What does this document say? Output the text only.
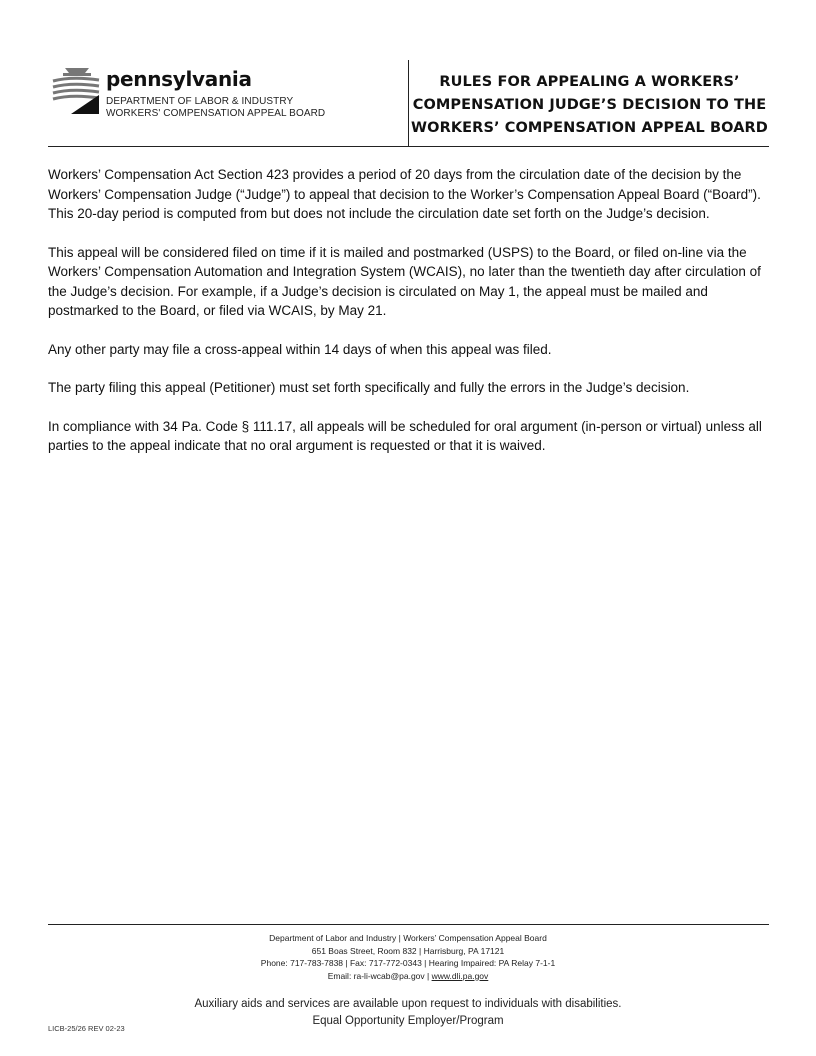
pennsylvania
DEPARTMENT OF LABOR & INDUSTRY
WORKERS' COMPENSATION APPEAL BOARD
RULES FOR APPEALING A WORKERS’
COMPENSATION JUDGE’S DECISION TO THE
WORKERS’ COMPENSATION APPEAL BOARD

Workers’ Compensation Act Section 423 provides a period of 20 days from the circulation date of the decision by the Workers’ Compensation Judge (“Judge”) to appeal that decision to the Worker’s Compensation Appeal Board (“Board”). This 20-day period is computed from but does not include the circulation date set forth on the Judge’s decision.

This appeal will be considered filed on time if it is mailed and postmarked (USPS) to the Board, or filed on-line via the Workers’ Compensation Automation and Integration System (WCAIS), no later than the twentieth day after circulation of the Judge’s decision. For example, if a Judge’s decision is circulated on May 1, the appeal must be mailed and postmarked to the Board, or filed via WCAIS, by May 21.

Any other party may file a cross-appeal within 14 days of when this appeal was filed.

The party filing this appeal (Petitioner) must set forth specifically and fully the errors in the Judge’s decision.

In compliance with 34 Pa. Code § 111.17, all appeals will be scheduled for oral argument (in-person or virtual) unless all parties to the appeal indicate that no oral argument is requested or that it is waived.

Department of Labor and Industry | Workers’ Compensation Appeal Board
651 Boas Street, Room 832 | Harrisburg, PA 17121
Phone: 717-783-7838 | Fax: 717-772-0343 | Hearing Impaired: PA Relay 7-1-1
Email: ra-li-wcab@pa.gov | www.dli.pa.gov
Auxiliary aids and services are available upon request to individuals with disabilities.
Equal Opportunity Employer/Program
LICB-25/26 REV 02-23
